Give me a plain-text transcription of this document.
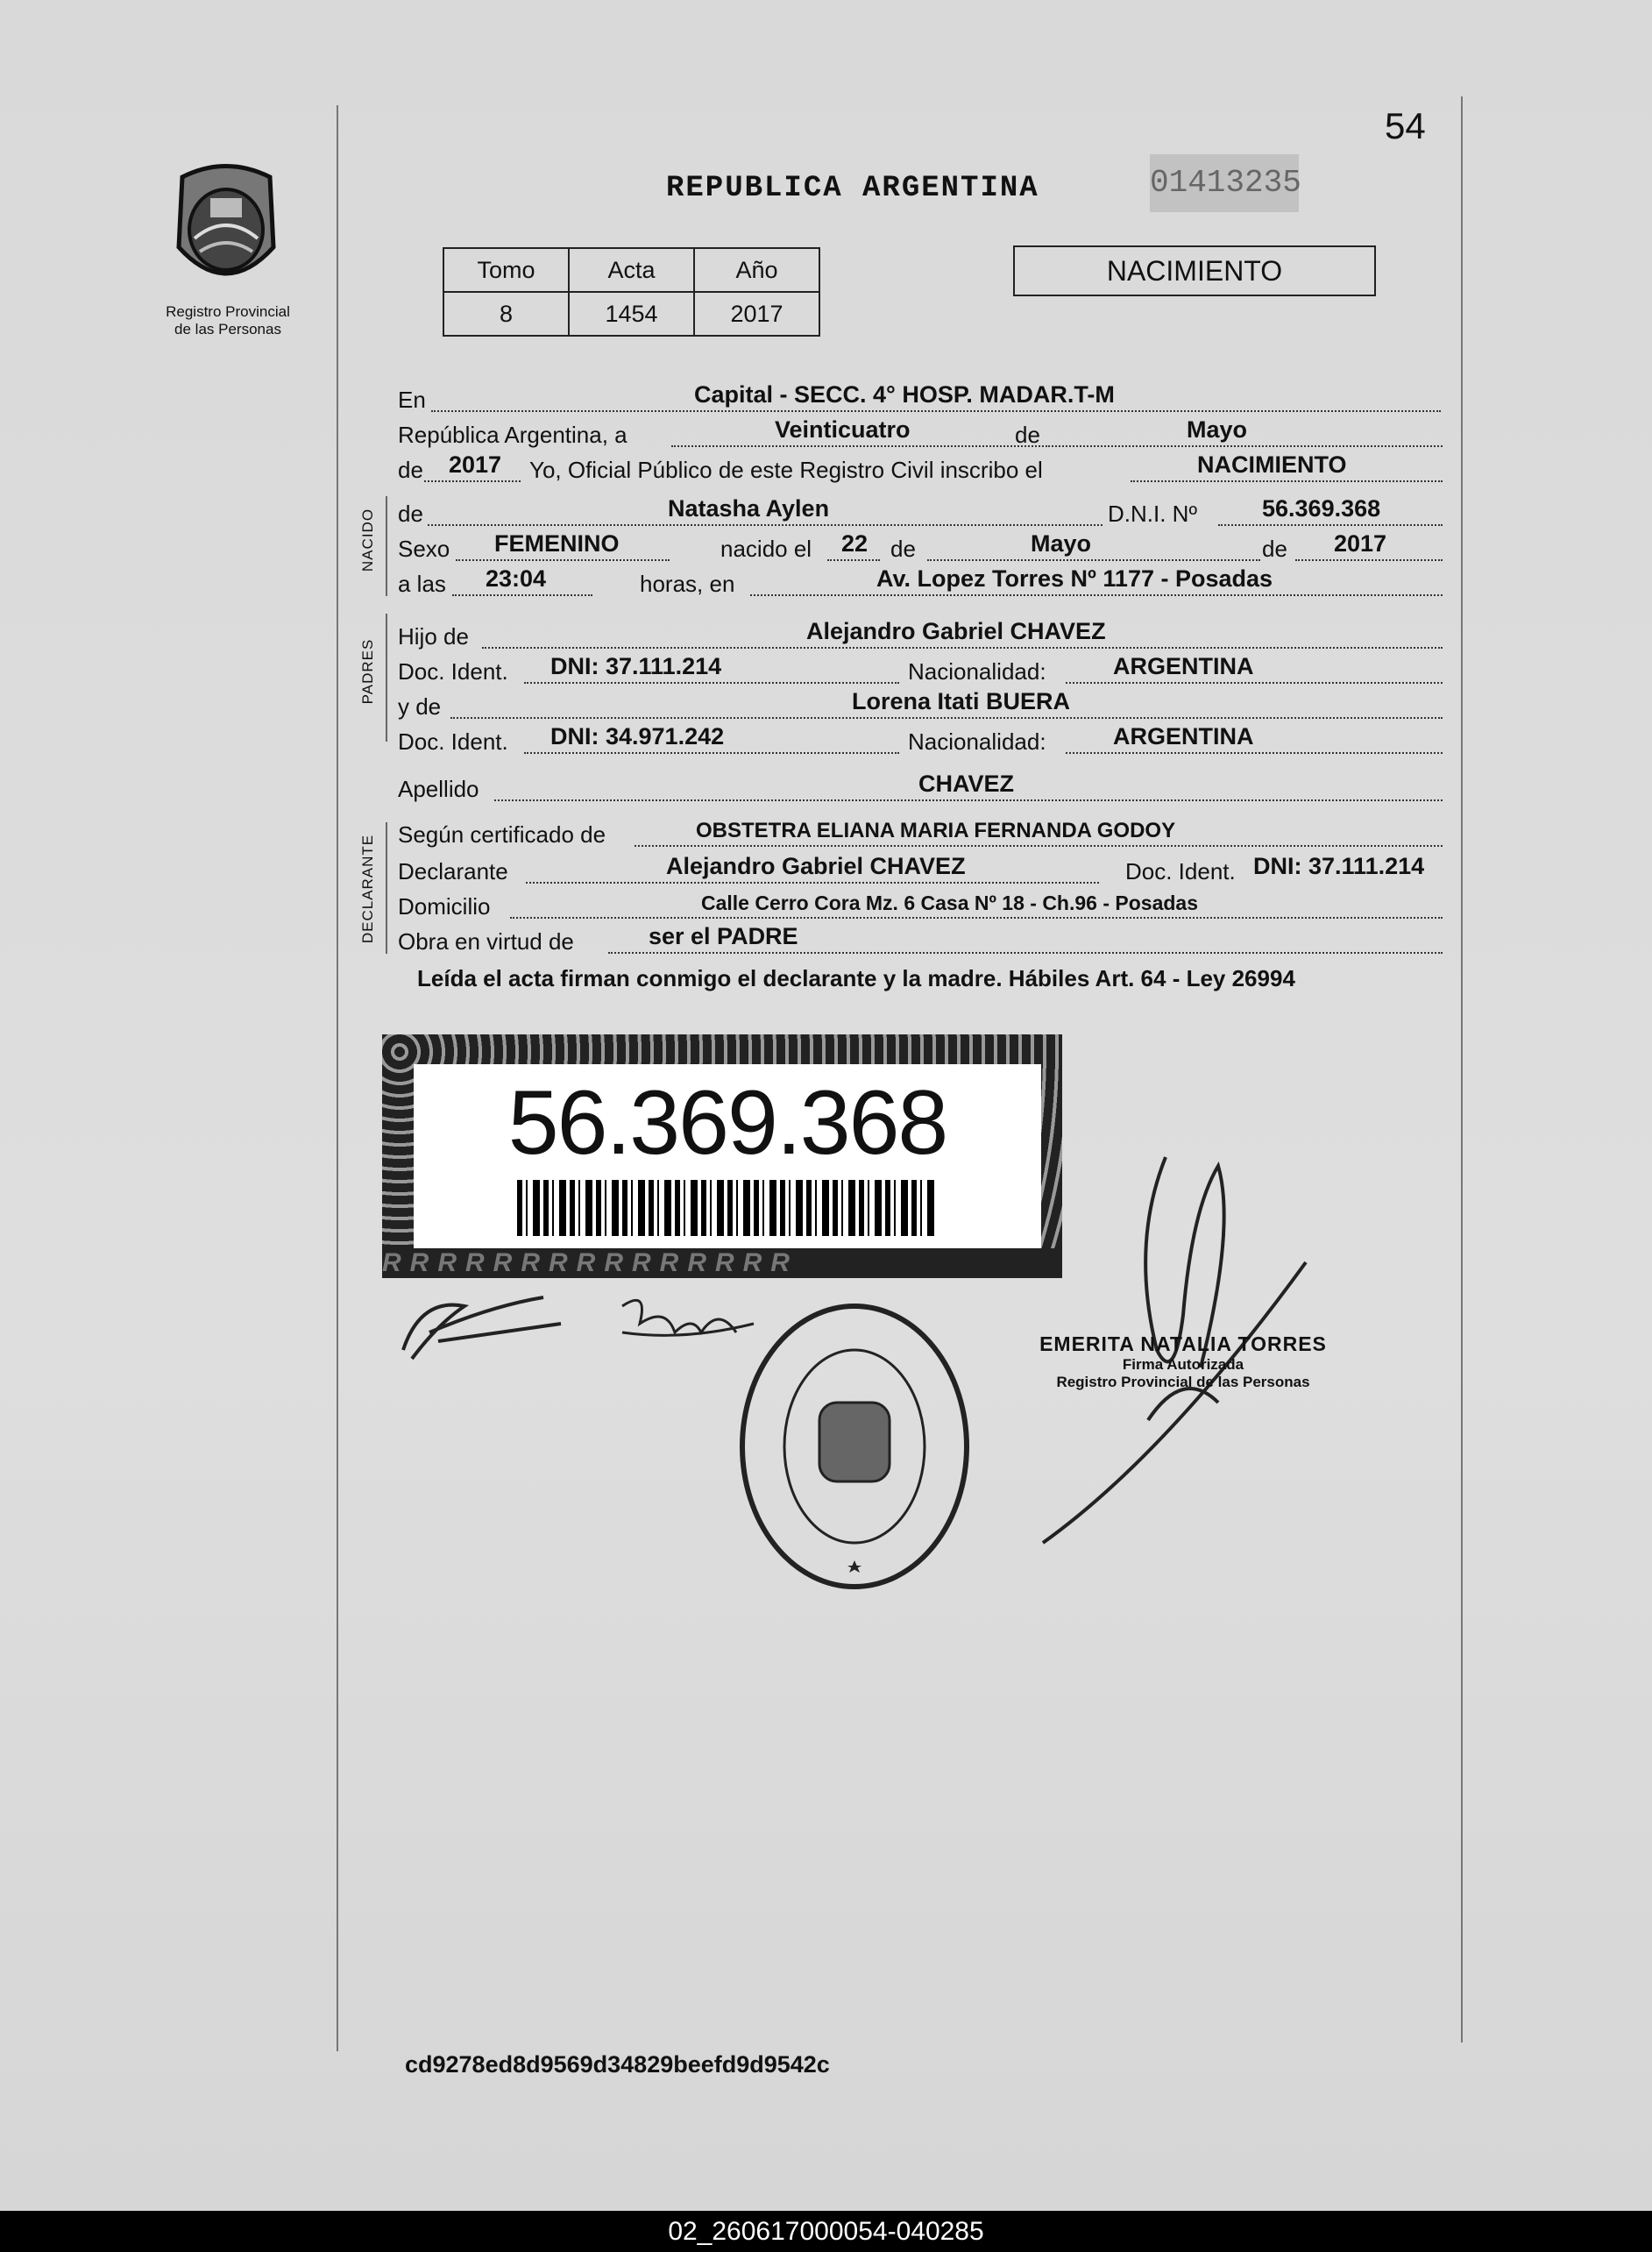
54
Registro Provincial
de las Personas
REPUBLICA ARGENTINA	01413235
Tomo	Acta	Año
8	1454	2017
NACIMIENTO
En	Capital - SECC. 4° HOSP. MADAR.T-M
República Argentina, a	Veinticuatro	de	Mayo
de 2017 Yo, Oficial Público de este Registro Civil inscribo el	NACIMIENTO
NACIDO de	Natasha Aylen	D.N.I. Nº	56.369.368
Sexo FEMENINO	nacido el 22 de	Mayo	de 2017
a las 23:04	horas, en	Av. Lopez Torres Nº 1177 - Posadas
PADRES
Hijo de	Alejandro Gabriel CHAVEZ
Doc. Ident. DNI: 37.111.214	Nacionalidad:	ARGENTINA
y de	Lorena Itati BUERA
Doc. Ident. DNI: 34.971.242	Nacionalidad:	ARGENTINA
Apellido	CHAVEZ
DECLARANTE Según certificado de	OBSTETRA ELIANA MARIA FERNANDA GODOY
Declarante	Alejandro Gabriel CHAVEZ	Doc. Ident. DNI: 37.111.214
Domicilio	Calle Cerro Cora Mz. 6 Casa Nº 18 - Ch.96 - Posadas
Obra en virtud de	ser el PADRE
Leída el acta firman conmigo el declarante y la madre. Hábiles Art. 64 - Ley 26994
56.369.368
RRRRRRRRRRRRRRR
EMERITA NATALIA TORRES
Firma Autorizada
Registro Provincial de las Personas
cd9278ed8d9569d34829beefd9d9542c
02_260617000054-040285
